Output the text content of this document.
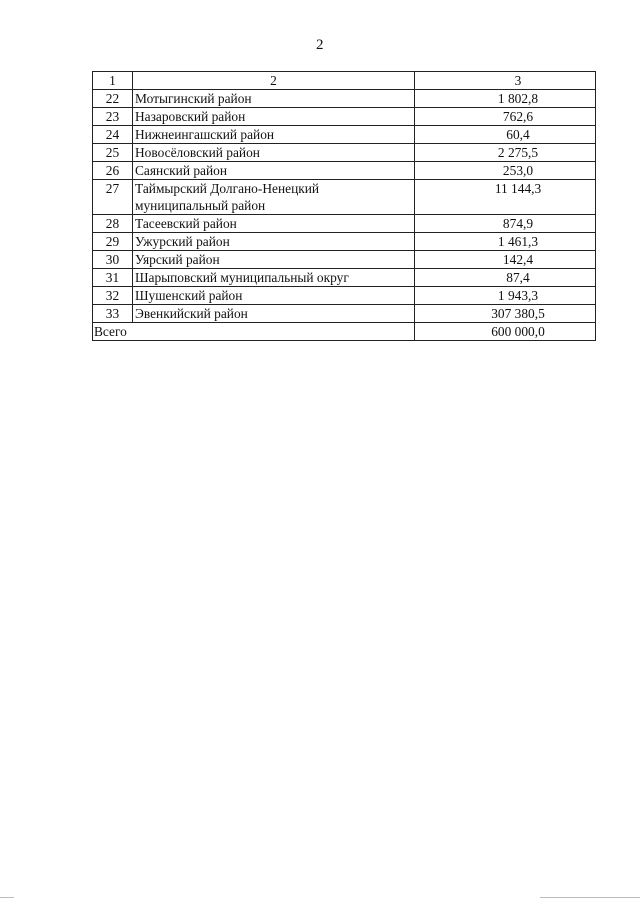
2
1	2	3
22	Мотыгинский район	1 802,8
23	Назаровский район	762,6
24	Нижнеингашский район	60,4
25	Новосёловский район	2 275,5
26	Саянский район	253,0
27	Таймырский Долгано-Ненецкий муниципальный район	11 144,3
28	Тасеевский район	874,9
29	Ужурский район	1 461,3
30	Уярский район	142,4
31	Шарыповский муниципальный округ	87,4
32	Шушенский район	1 943,3
33	Эвенкийский район	307 380,5
Всего		600 000,0
